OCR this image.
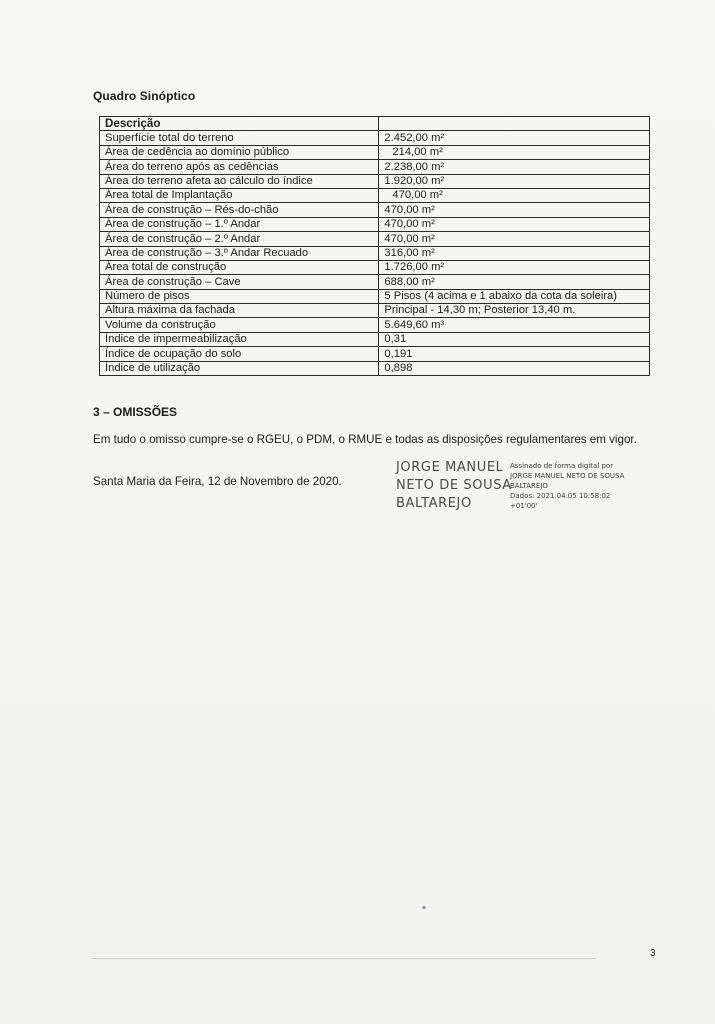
Quadro Sinóptico
Descrição	
Superfície total do terreno	2.452,00 m²
Área de cedência ao domínio público	214,00 m²
Área do terreno após as cedências	2.238,00 m²
Área do terreno afeta ao cálculo do índice	1.920,00 m²
Área total de Implantação	470,00 m²
Área de construção – Rés-do-chão	470,00 m²
Área de construção – 1.º Andar	470,00 m²
Área de construção – 2.º Andar	470,00 m²
Área de construção – 3.º Andar Recuado	316,00 m²
Área total de construção	1.726,00 m²
Área de construção – Cave	688,00 m²
Número de pisos	5 Pisos (4 acima e 1 abaixo da cota da soleira)
Altura máxima da fachada	Principal - 14,30 m; Posterior 13,40 m.
Volume da construção	5.649,60 m³
Índice de impermeabilização	0,31
Índice de ocupação do solo	0,191
Índice de utilização	0,898
3 – OMISSÕES
Em tudo o omisso cumpre-se o RGEU, o PDM, o RMUE e todas as disposições regulamentares em vigor.
Santa Maria da Feira, 12 de Novembro de 2020.
JORGE MANUEL
NETO DE SOUSA
BALTAREJO
Assinado de forma digital por
JORGE MANUEL NETO DE SOUSA
BALTAREJO
Dados: 2021.04.05 10:58:02
+01'00'
3
